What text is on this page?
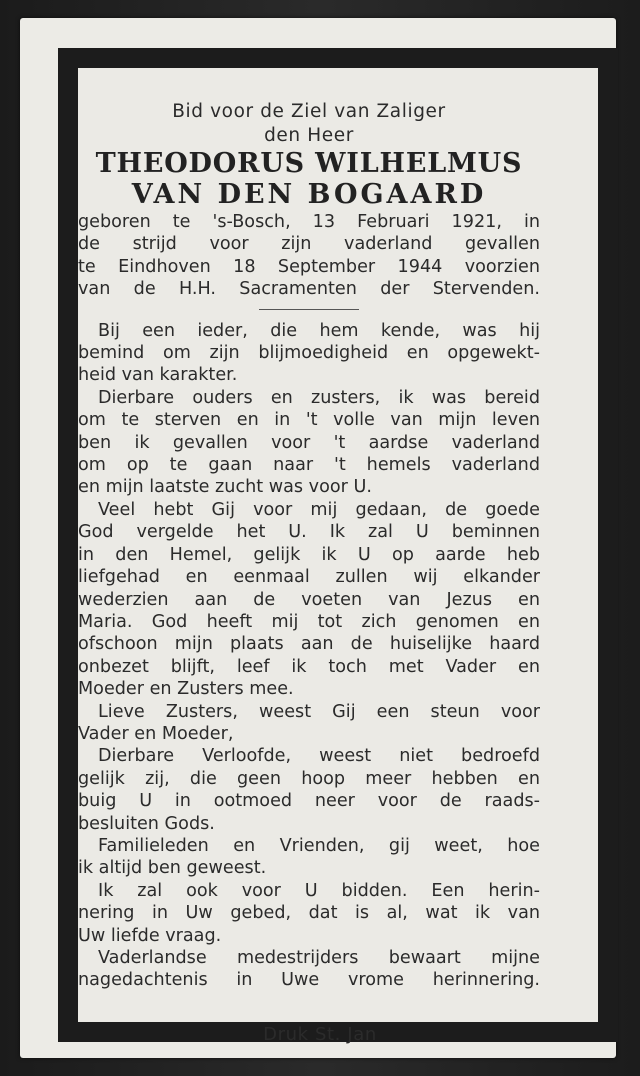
Bid voor de Ziel van Zaliger
den Heer
THEODORUS WILHELMUS
VAN DEN BOGAARD
geboren te 's-Bosch, 13 Februari 1921, in
de strijd voor zijn vaderland gevallen
te Eindhoven 18 September 1944 voorzien
van de H.H. Sacramenten der Stervenden.
Bij een ieder, die hem kende, was hij
bemind om zijn blijmoedigheid en opgewekt-
heid van karakter.
Dierbare ouders en zusters, ik was bereid
om te sterven en in 't volle van mijn leven
ben ik gevallen voor 't aardse vaderland
om op te gaan naar 't hemels vaderland
en mijn laatste zucht was voor U.
Veel hebt Gij voor mij gedaan, de goede
God vergelde het U. Ik zal U beminnen
in den Hemel, gelijk ik U op aarde heb
liefgehad en eenmaal zullen wij elkander
wederzien aan de voeten van Jezus en
Maria. God heeft mij tot zich genomen en
ofschoon mijn plaats aan de huiselijke haard
onbezet blijft, leef ik toch met Vader en
Moeder en Zusters mee.
Lieve Zusters, weest Gij een steun voor
Vader en Moeder,
Dierbare Verloofde, weest niet bedroefd
gelijk zij, die geen hoop meer hebben en
buig U in ootmoed neer voor de raads-
besluiten Gods.
Familieleden en Vrienden, gij weet, hoe
ik altijd ben geweest.
Ik zal ook voor U bidden. Een herin-
nering in Uw gebed, dat is al, wat ik van
Uw liefde vraag.
Vaderlandse medestrijders bewaart mijne
nagedachtenis in Uwe vrome herinnering.
Druk St. Jan
